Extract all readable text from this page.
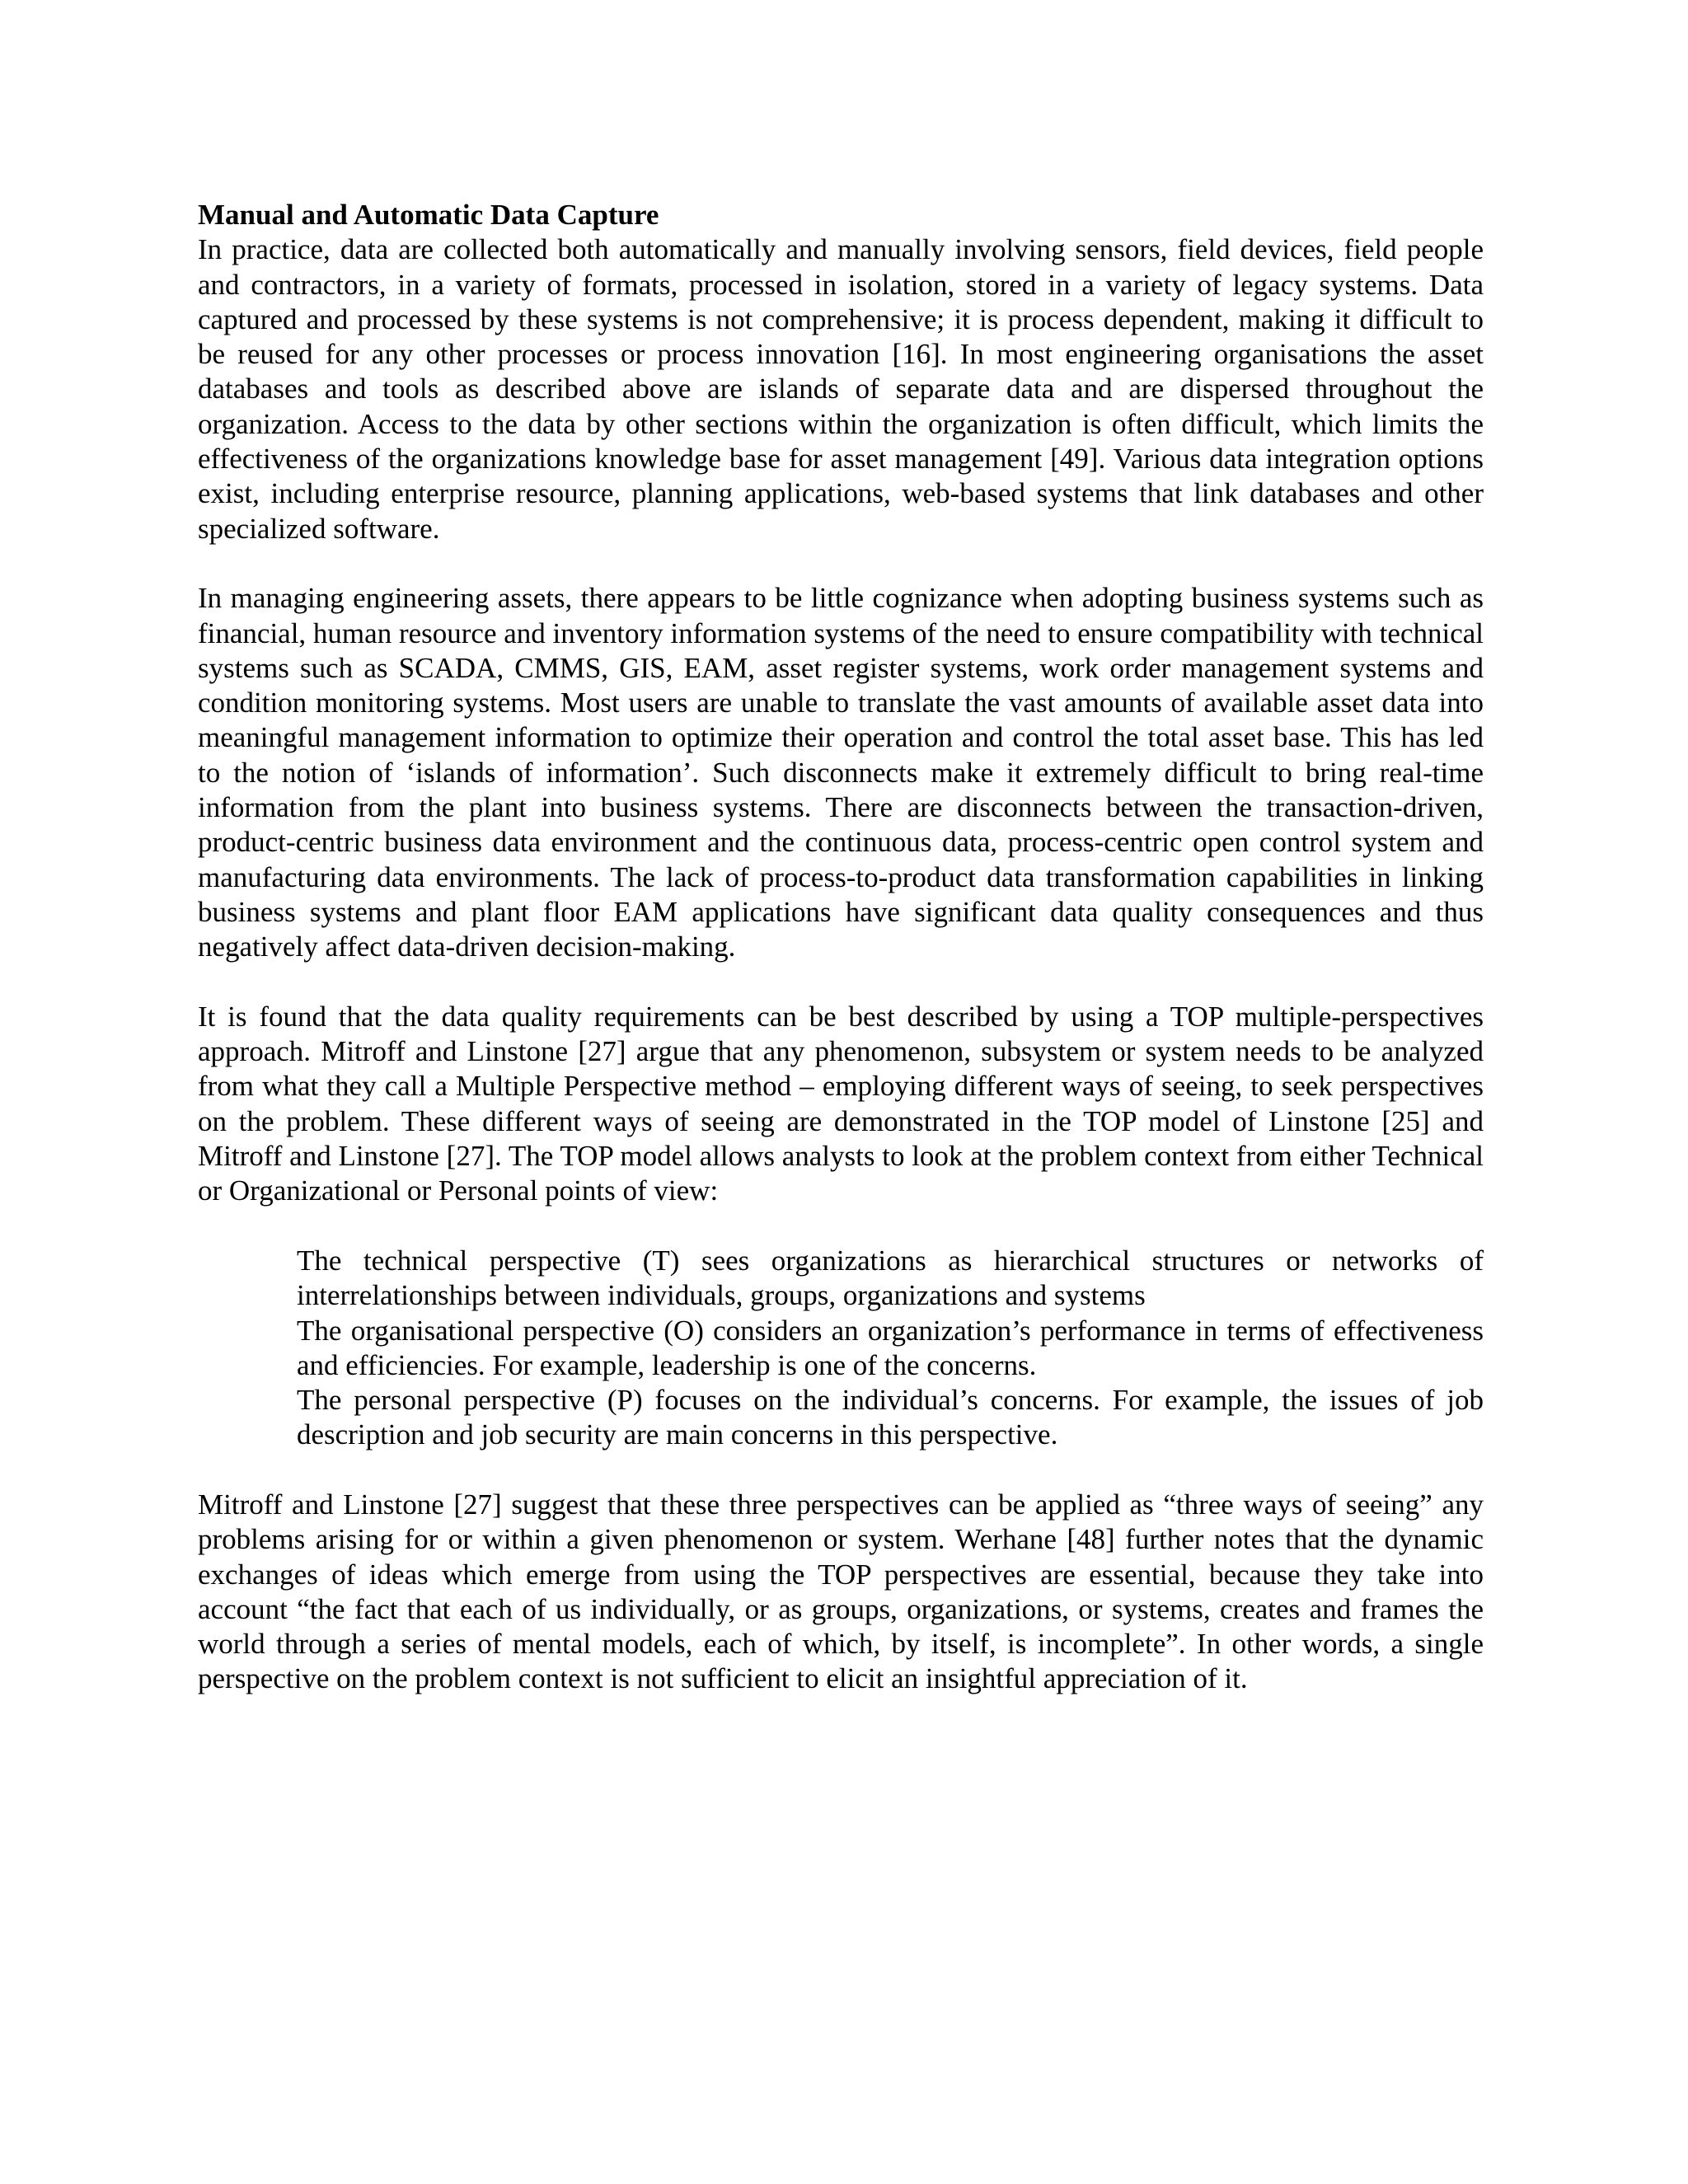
Manual and Automatic Data Capture

In practice, data are collected both automatically and manually involving sensors, field devices, field people and contractors, in a variety of formats, processed in isolation, stored in a variety of legacy systems. Data captured and processed by these systems is not comprehensive; it is process dependent, making it difficult to be reused for any other processes or process innovation [16]. In most engineering organisations the asset databases and tools as described above are islands of separate data and are dispersed throughout the organization. Access to the data by other sections within the organization is often difficult, which limits the effectiveness of the organizations knowledge base for asset management [49]. Various data integration options exist, including enterprise resource, planning applications, web-based systems that link databases and other specialized software.

In managing engineering assets, there appears to be little cognizance when adopting business systems such as financial, human resource and inventory information systems of the need to ensure compatibility with technical systems such as SCADA, CMMS, GIS, EAM, asset register systems, work order management systems and condition monitoring systems. Most users are unable to translate the vast amounts of available asset data into meaningful management information to optimize their operation and control the total asset base. This has led to the notion of ‘islands of information’. Such disconnects make it extremely difficult to bring real-time information from the plant into business systems. There are disconnects between the transaction-driven, product-centric business data environment and the continuous data, process-centric open control system and manufacturing data environments. The lack of process-to-product data transformation capabilities in linking business systems and plant floor EAM applications have significant data quality consequences and thus negatively affect data-driven decision-making.

It is found that the data quality requirements can be best described by using a TOP multiple-perspectives approach. Mitroff and Linstone [27] argue that any phenomenon, subsystem or system needs to be analyzed from what they call a Multiple Perspective method – employing different ways of seeing, to seek perspectives on the problem. These different ways of seeing are demonstrated in the TOP model of Linstone [25] and Mitroff and Linstone [27]. The TOP model allows analysts to look at the problem context from either Technical or Organizational or Personal points of view:

The technical perspective (T) sees organizations as hierarchical structures or networks of interrelationships between individuals, groups, organizations and systems

The organisational perspective (O) considers an organization’s performance in terms of effectiveness and efficiencies. For example, leadership is one of the concerns.

The personal perspective (P) focuses on the individual’s concerns. For example, the issues of job description and job security are main concerns in this perspective.

Mitroff and Linstone [27] suggest that these three perspectives can be applied as “three ways of seeing” any problems arising for or within a given phenomenon or system. Werhane [48] further notes that the dynamic exchanges of ideas which emerge from using the TOP perspectives are essential, because they take into account “the fact that each of us individually, or as groups, organizations, or systems, creates and frames the world through a series of mental models, each of which, by itself, is incomplete”. In other words, a single perspective on the problem context is not sufficient to elicit an insightful appreciation of it.
